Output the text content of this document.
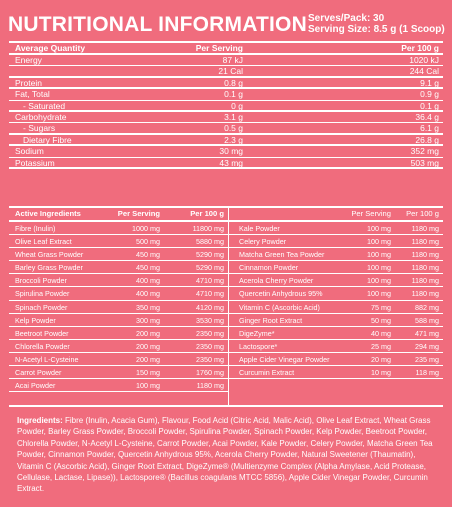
NUTRITIONAL INFORMATION Serves/Pack: 30
Serving Size: 8.5 g (1 Scoop)
Average Quantity	Per Serving	Per 100 g
Energy	87 kJ	1020 kJ
21 Cal	244 Cal
Protein	0.8 g	9.1 g
Fat, Total	0.1 g	0.9 g
- Saturated	0 g	0.1 g
Carbohydrate	3.1 g	36.4 g
- Sugars	0.5 g	6.1 g
Dietary Fibre	2.3 g	26.8 g
Sodium	30 mg	352 mg
Potassium	43 mg	503 mg
Active Ingredients	Per Serving	Per 100 g
Fibre (Inulin)	1000 mg	11800 mg
Olive Leaf Extract	500 mg	5880 mg
Wheat Grass Powder	450 mg	5290 mg
Barley Grass Powder	450 mg	5290 mg
Broccoli Powder	400 mg	4710 mg
Spirulina Powder	400 mg	4710 mg
Spinach Powder	350 mg	4120 mg
Kelp Powder	300 mg	3530 mg
Beetroot Powder	200 mg	2350 mg
Chlorella Powder	200 mg	2350 mg
N-Acetyl L-Cysteine	200 mg	2350 mg
Carrot Powder	150 mg	1760 mg
Acai Powder	100 mg	1180 mg
Per Serving	Per 100 g
Kale Powder	100 mg	1180 mg
Celery Powder	100 mg	1180 mg
Matcha Green Tea Powder	100 mg	1180 mg
Cinnamon Powder	100 mg	1180 mg
Acerola Cherry Powder	100 mg	1180 mg
Quercetin Anhydrous 95%	100 mg	1180 mg
Vitamin C (Ascorbic Acid)	75 mg	882 mg
Ginger Root Extract	50 mg	588 mg
DigeZyme*	40 mg	471 mg
Lactospore*	25 mg	294 mg
Apple Cider Vinegar Powder	20 mg	235 mg
Curcumin Extract	10 mg	118 mg
Ingredients: Fibre (Inulin, Acacia Gum), Flavour, Food Acid (Citric Acid, Malic Acid), Olive Leaf Extract, Wheat Grass Powder, Barley Grass Powder, Broccoli Powder, Spirulina Powder, Spinach Powder, Kelp Powder, Beetroot Powder, Chlorella Powder, N-Acetyl L-Cysteine, Carrot Powder, Acai Powder, Kale Powder, Celery Powder, Matcha Green Tea Powder, Cinnamon Powder, Quercetin Anhydrous 95%, Acerola Cherry Powder, Natural Sweetener (Thaumatin), Vitamin C (Ascorbic Acid), Ginger Root Extract, DigeZyme® (Multienzyme Complex (Alpha Amylase, Acid Protease, Cellulase, Lactase, Lipase)), Lactospore® (Bacillus coagulans MTCC 5856), Apple Cider Vinegar Powder, Curcumin Extract.
